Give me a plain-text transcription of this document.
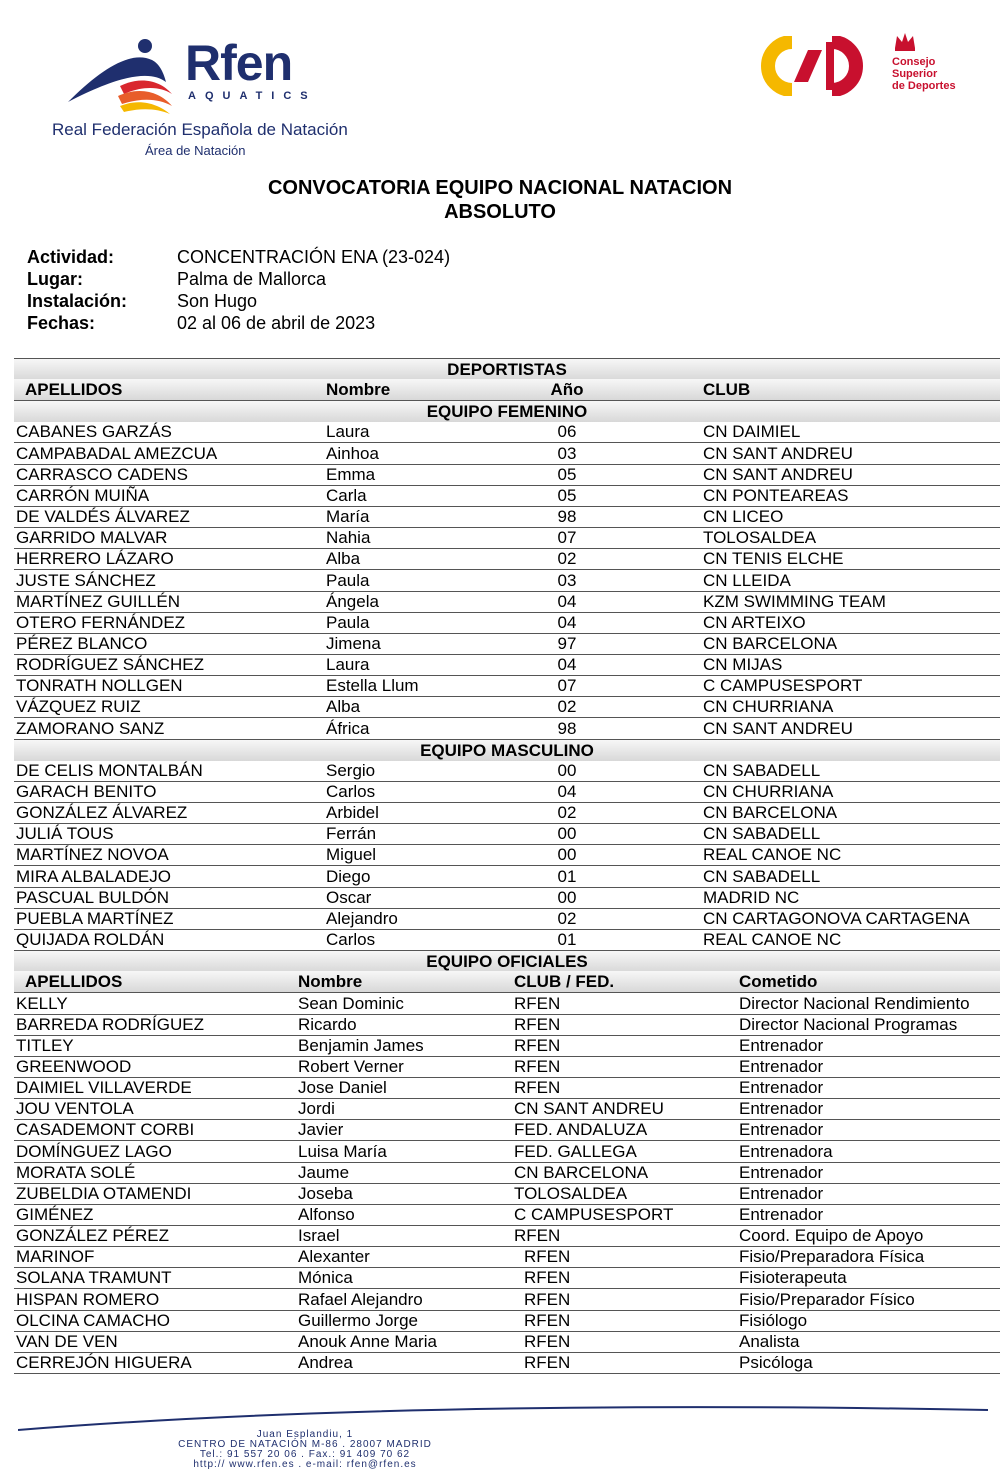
Rfen
AQUATICS
Real Federación Española de Natación
Área de Natación
Consejo
Superior
de Deportes
CONVOCATORIA EQUIPO NACIONAL NATACION
ABSOLUTO
Actividad:	CONCENTRACIÓN ENA (23-024)
Lugar:	Palma de Mallorca
Instalación:	Son Hugo
Fechas:	02 al 06 de abril de 2023
DEPORTISTAS
APELLIDOS	Nombre	Año	CLUB
EQUIPO FEMENINO
CABANES GARZÁS	Laura	06	CN DAIMIEL
CAMPABADAL AMEZCUA	Ainhoa	03	CN SANT ANDREU
CARRASCO CADENS	Emma	05	CN SANT ANDREU
CARRÓN MUIÑA	Carla	05	CN PONTEAREAS
DE VALDÉS ÁLVAREZ	María	98	CN LICEO
GARRIDO MALVAR	Nahia	07	TOLOSALDEA
HERRERO LÁZARO	Alba	02	CN TENIS ELCHE
JUSTE SÁNCHEZ	Paula	03	CN LLEIDA
MARTÍNEZ GUILLÉN	Ángela	04	KZM SWIMMING TEAM
OTERO FERNÁNDEZ	Paula	04	CN ARTEIXO
PÉREZ BLANCO	Jimena	97	CN BARCELONA
RODRÍGUEZ SÁNCHEZ	Laura	04	CN MIJAS
TONRATH NOLLGEN	Estella Llum	07	C CAMPUSESPORT
VÁZQUEZ RUIZ	Alba	02	CN CHURRIANA
ZAMORANO SANZ	África	98	CN SANT ANDREU
EQUIPO MASCULINO
DE CELIS MONTALBÁN	Sergio	00	CN SABADELL
GARACH BENITO	Carlos	04	CN CHURRIANA
GONZÁLEZ ÁLVAREZ	Arbidel	02	CN BARCELONA
JULIÁ TOUS	Ferrán	00	CN SABADELL
MARTÍNEZ NOVOA	Miguel	00	REAL CANOE NC
MIRA ALBALADEJO	Diego	01	CN SABADELL
PASCUAL BULDÓN	Oscar	00	MADRID NC
PUEBLA MARTÍNEZ	Alejandro	02	CN CARTAGONOVA CARTAGENA
QUIJADA ROLDÁN	Carlos	01	REAL CANOE NC
EQUIPO OFICIALES
APELLIDOS	Nombre	CLUB / FED.	Cometido
KELLY	Sean Dominic	RFEN	Director Nacional Rendimiento
BARREDA RODRÍGUEZ	Ricardo	RFEN	Director Nacional Programas
TITLEY	Benjamin James	RFEN	Entrenador
GREENWOOD	Robert Verner	RFEN	Entrenador
DAIMIEL VILLAVERDE	Jose Daniel	RFEN	Entrenador
JOU VENTOLA	Jordi	CN SANT ANDREU	Entrenador
CASADEMONT CORBI	Javier	FED. ANDALUZA	Entrenador
DOMÍNGUEZ LAGO	Luisa María	FED. GALLEGA	Entrenadora
MORATA SOLÉ	Jaume	CN BARCELONA	Entrenador
ZUBELDIA OTAMENDI	Joseba	TOLOSALDEA	Entrenador
GIMÉNEZ	Alfonso	C CAMPUSESPORT	Entrenador
GONZÁLEZ PÉREZ	Israel	RFEN	Coord. Equipo de Apoyo
MARINOF	Alexanter	RFEN	Fisio/Preparadora Física
SOLANA TRAMUNT	Mónica	RFEN	Fisioterapeuta
HISPAN ROMERO	Rafael Alejandro	RFEN	Fisio/Preparador Físico
OLCINA CAMACHO	Guillermo Jorge	RFEN	Fisiólogo
VAN DE VEN	Anouk Anne Maria	RFEN	Analista
CERREJÓN HIGUERA	Andrea	RFEN	Psicóloga
Juan Esplandiu, 1
CENTRO DE NATACIÓN M-86 . 28007 MADRID
Tel.: 91 557 20 06 . Fax.: 91 409 70 62
http:// www.rfen.es . e-mail: rfen@rfen.es
